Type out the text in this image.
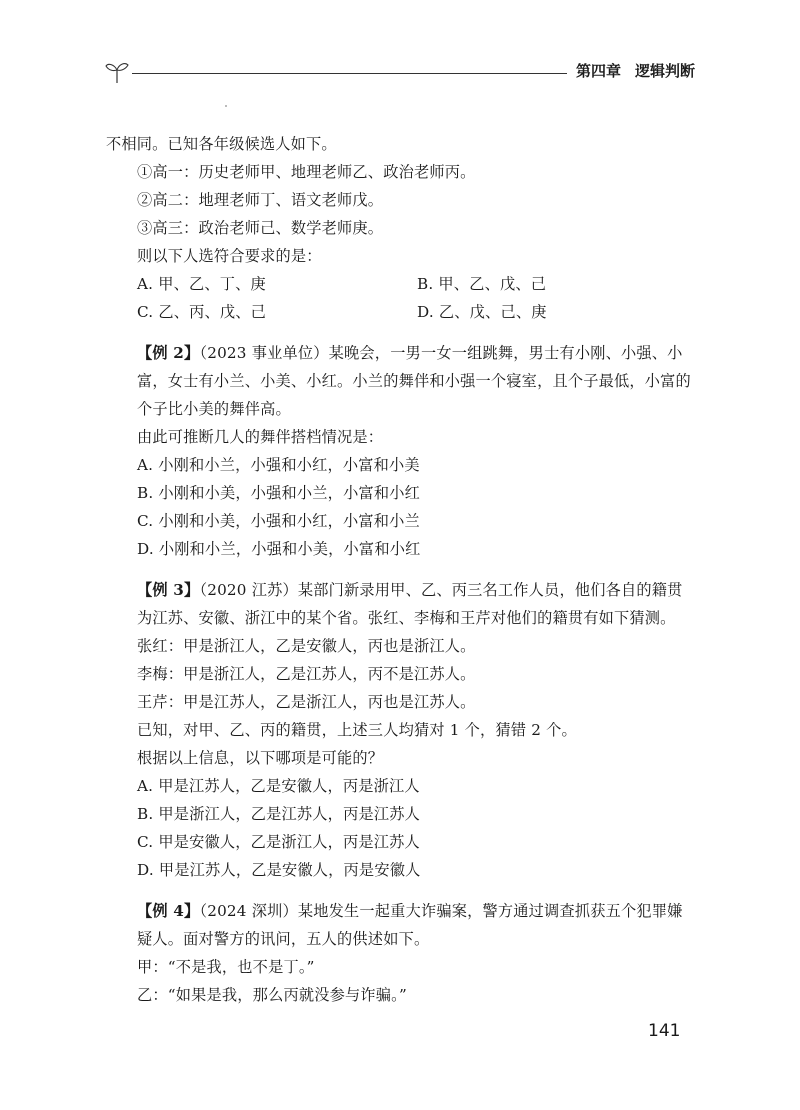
第四章 逻辑判断
不相同。已知各年级候选人如下。
①高一：历史老师甲、地理老师乙、政治老师丙。
②高二：地理老师丁、语文老师戊。
③高三：政治老师己、数学老师庚。
则以下人选符合要求的是：
A. 甲、乙、丁、庚	B. 甲、乙、戊、己
C. 乙、丙、戊、己	D. 乙、戊、己、庚
【例 2】（2023 事业单位）某晚会，一男一女一组跳舞，男士有小刚、小强、小富，女士有小兰、小美、小红。小兰的舞伴和小强一个寝室，且个子最低，小富的个子比小美的舞伴高。
由此可推断几人的舞伴搭档情况是：
A. 小刚和小兰，小强和小红，小富和小美
B. 小刚和小美，小强和小兰，小富和小红
C. 小刚和小美，小强和小红，小富和小兰
D. 小刚和小兰，小强和小美，小富和小红
【例 3】（2020 江苏）某部门新录用甲、乙、丙三名工作人员，他们各自的籍贯为江苏、安徽、浙江中的某个省。张红、李梅和王芹对他们的籍贯有如下猜测。
张红：甲是浙江人，乙是安徽人，丙也是浙江人。
李梅：甲是浙江人，乙是江苏人，丙不是江苏人。
王芹：甲是江苏人，乙是浙江人，丙也是江苏人。
已知，对甲、乙、丙的籍贯，上述三人均猜对 1 个，猜错 2 个。
根据以上信息，以下哪项是可能的？
A. 甲是江苏人，乙是安徽人，丙是浙江人
B. 甲是浙江人，乙是江苏人，丙是江苏人
C. 甲是安徽人，乙是浙江人，丙是江苏人
D. 甲是江苏人，乙是安徽人，丙是安徽人
【例 4】（2024 深圳）某地发生一起重大诈骗案，警方通过调查抓获五个犯罪嫌疑人。面对警方的讯问，五人的供述如下。
甲：“不是我，也不是丁。”
乙：“如果是我，那么丙就没参与诈骗。”
141
